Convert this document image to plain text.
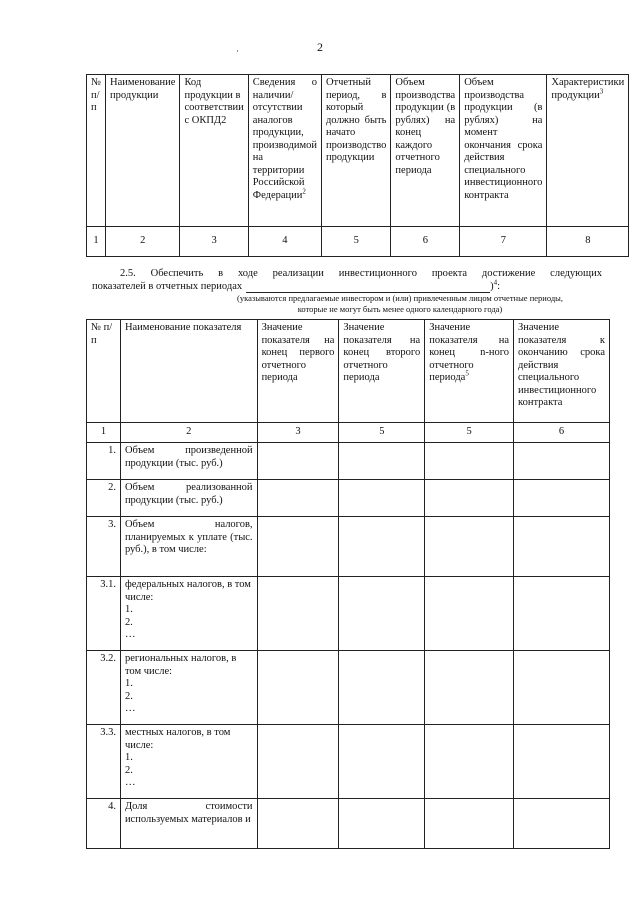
2
·
№ п/п	Наименование продукции	Код продукции в соответствии с ОКПД2	Сведения о наличии/отсутствии аналогов продукции, производимой на территории Российской Федерации$^2$	Отчетный период, в который должно быть начато производство продукции	Объем производства продукции (в рублях) на конец каждого отчетного периода	Объем производства продукции (в рублях) на момент окончания срока действия специального инвестиционного контракта	Характеристики продукции$^3$
1	2	3	4	5	6	7	8
2.5. Обеспечить в ходе реализации инвестиционного проекта достижение следующих
показателей в отчетных периодах	)$^4$:
(указываются предлагаемые инвестором и (или) привлеченным лицом отчетные периоды,
которые не могут быть менее одного календарного года)
№ п/п	Наименование показателя	Значение показателя на конец первого отчетного периода	Значение показателя на конец второго отчетного периода	Значение показателя на конец n-ного отчетного периода$^5$	Значение показателя к окончанию срока действия специального инвестиционного контракта
1	2	3	5	5	6

1.	Объем произведенной продукции (тыс. руб.)				

2.	Объем реализованной продукции (тыс. руб.)				

3.	Объем налогов, планируемых к уплате (тыс. руб.), в том числе:				

3.1.	федеральных налогов, в том числе:
1.
2.
…				

3.2.	региональных налогов, в том числе:
1.
2.
…				

3.3.	местных налогов, в том числе:
1.
2.
…				

4.	Доля стоимости используемых материалов и				
